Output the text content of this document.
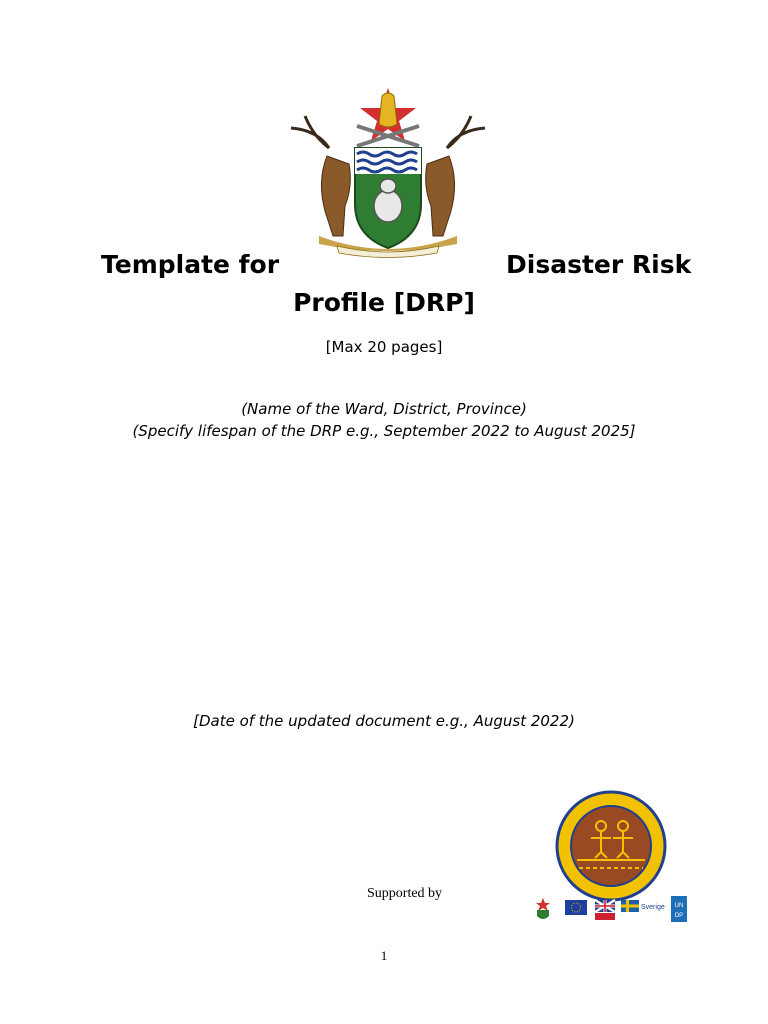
Template for	Disaster Risk
Profile [DRP]
[Max 20 pages]
(Name of the Ward, District, Province)
(Specify lifespan of the DRP e.g., September 2022 to August 2025]
[Date of the updated document e.g., August 2022)
Supported by
Sverige UN
DP
1
